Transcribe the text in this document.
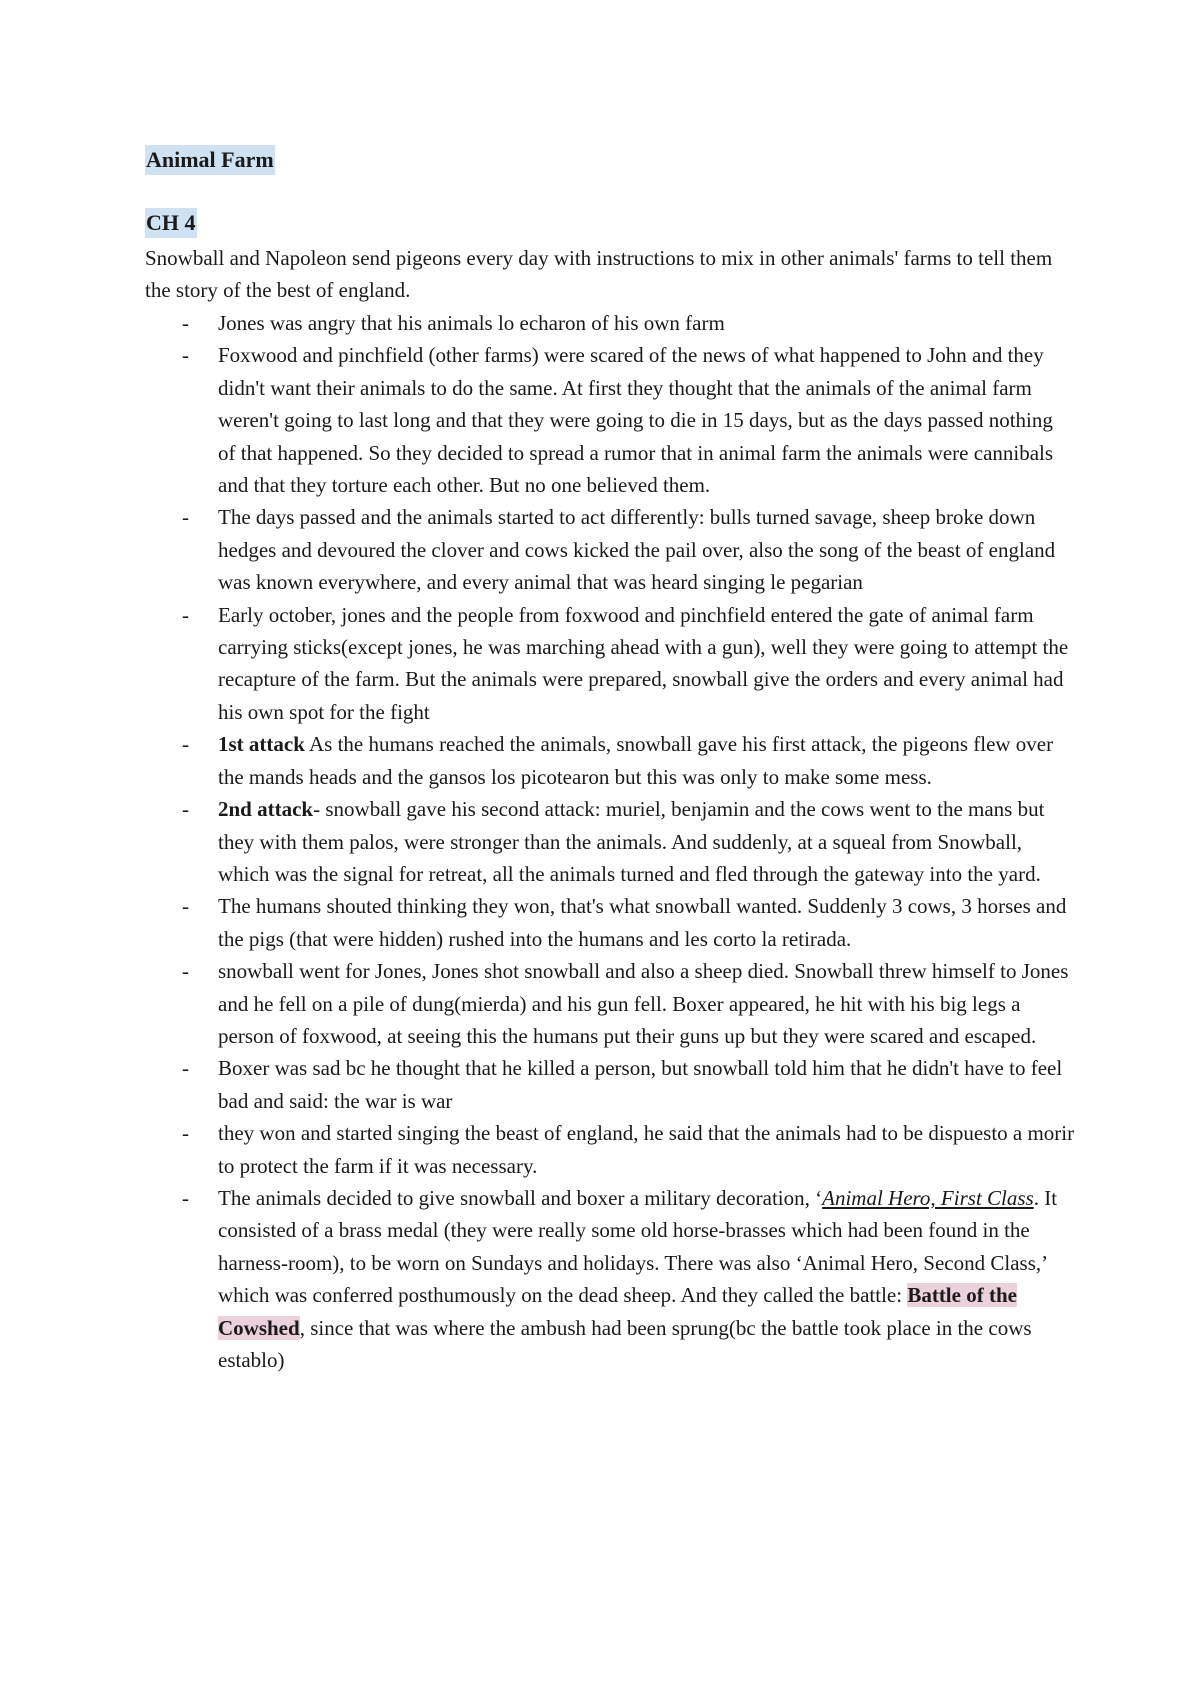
Animal Farm
CH 4

Snowball and Napoleon send pigeons every day with instructions to mix in other animals' farms to tell them the story of the best of england.

- Jones was angry that his animals lo echaron of his own farm
- Foxwood and pinchfield (other farms) were scared of the news of what happened to John and they didn't want their animals to do the same. At first they thought that the animals of the animal farm weren't going to last long and that they were going to die in 15 days, but as the days passed nothing of that happened. So they decided to spread a rumor that in animal farm the animals were cannibals and that they torture each other. But no one believed them.
- The days passed and the animals started to act differently: bulls turned savage, sheep broke down hedges and devoured the clover and cows kicked the pail over, also the song of the beast of england was known everywhere, and every animal that was heard singing le pegarian
- Early october, jones and the people from foxwood and pinchfield entered the gate of animal farm carrying sticks(except jones, he was marching ahead with a gun), well they were going to attempt the recapture of the farm. But the animals were prepared, snowball give the orders and every animal had his own spot for the fight
- 1st attack As the humans reached the animals, snowball gave his first attack, the pigeons flew over the mands heads and the gansos los picotearon but this was only to make some mess.
- 2nd attack- snowball gave his second attack: muriel, benjamin and the cows went to the mans but they with them palos, were stronger than the animals. And suddenly, at a squeal from Snowball, which was the signal for retreat, all the animals turned and fled through the gateway into the yard.
- The humans shouted thinking they won, that's what snowball wanted. Suddenly 3 cows, 3 horses and the pigs (that were hidden) rushed into the humans and les corto la retirada.
- snowball went for Jones, Jones shot snowball and also a sheep died. Snowball threw himself to Jones and he fell on a pile of dung(mierda) and his gun fell. Boxer appeared, he hit with his big legs a person of foxwood, at seeing this the humans put their guns up but they were scared and escaped.
- Boxer was sad bc he thought that he killed a person, but snowball told him that he didn't have to feel bad and said: the war is war
- they won and started singing the beast of england, he said that the animals had to be dispuesto a morir to protect the farm if it was necessary.
- The animals decided to give snowball and boxer a military decoration, ‘Animal Hero, First Class. It consisted of a brass medal (they were really some old horse-brasses which had been found in the harness-room), to be worn on Sundays and holidays. There was also ‘Animal Hero, Second Class,’ which was conferred posthumously on the dead sheep. And they called the battle: Battle of the Cowshed, since that was where the ambush had been sprung(bc the battle took place in the cows establo)
